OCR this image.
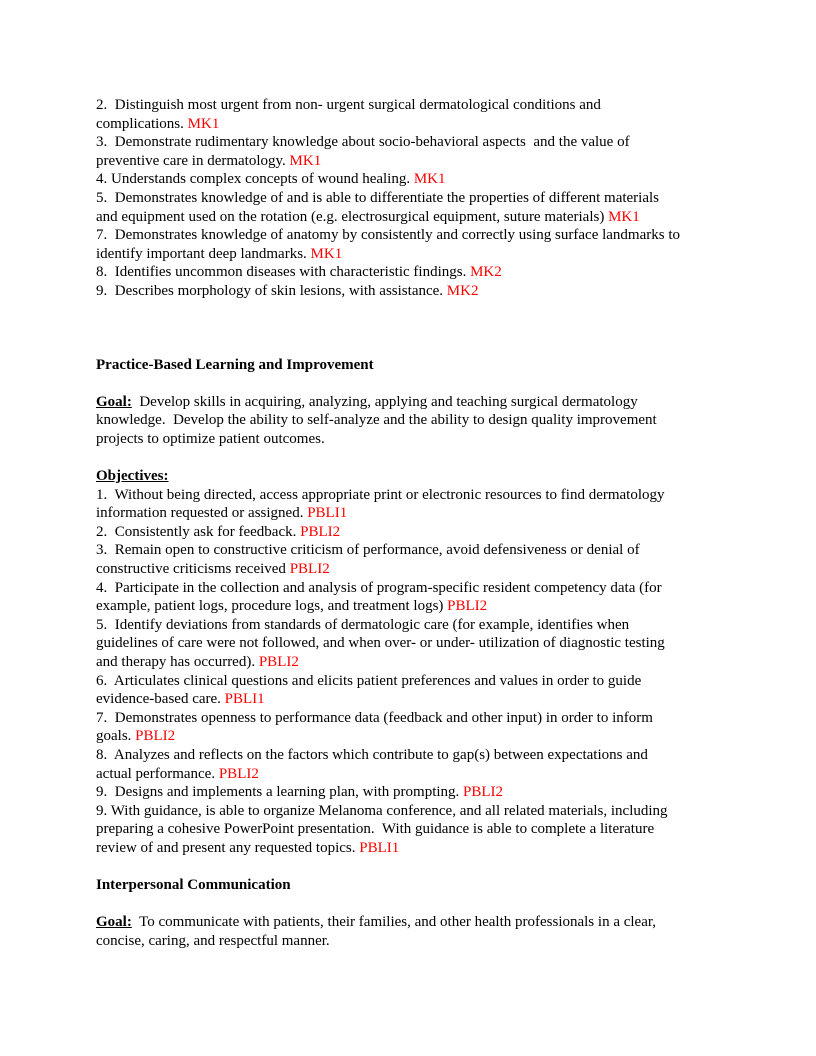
2.  Distinguish most urgent from non- urgent surgical dermatological conditions and
complications. MK1
3.  Demonstrate rudimentary knowledge about socio-behavioral aspects  and the value of
preventive care in dermatology. MK1
4. Understands complex concepts of wound healing. MK1
5.  Demonstrates knowledge of and is able to differentiate the properties of different materials
and equipment used on the rotation (e.g. electrosurgical equipment, suture materials) MK1
7.  Demonstrates knowledge of anatomy by consistently and correctly using surface landmarks to
identify important deep landmarks. MK1
8.  Identifies uncommon diseases with characteristic findings. MK2
9.  Describes morphology of skin lesions, with assistance. MK2
Practice-Based Learning and Improvement
Goal:  Develop skills in acquiring, analyzing, applying and teaching surgical dermatology
knowledge.  Develop the ability to self-analyze and the ability to design quality improvement
projects to optimize patient outcomes.
Objectives:
1.  Without being directed, access appropriate print or electronic resources to find dermatology
information requested or assigned. PBLI1
2.  Consistently ask for feedback. PBLI2
3.  Remain open to constructive criticism of performance, avoid defensiveness or denial of
constructive criticisms received PBLI2
4.  Participate in the collection and analysis of program-specific resident competency data (for
example, patient logs, procedure logs, and treatment logs) PBLI2
5.  Identify deviations from standards of dermatologic care (for example, identifies when
guidelines of care were not followed, and when over- or under- utilization of diagnostic testing
and therapy has occurred). PBLI2
6.  Articulates clinical questions and elicits patient preferences and values in order to guide
evidence-based care. PBLI1
7.  Demonstrates openness to performance data (feedback and other input) in order to inform
goals. PBLI2
8.  Analyzes and reflects on the factors which contribute to gap(s) between expectations and
actual performance. PBLI2
9.  Designs and implements a learning plan, with prompting. PBLI2
9. With guidance, is able to organize Melanoma conference, and all related materials, including
preparing a cohesive PowerPoint presentation.  With guidance is able to complete a literature
review of and present any requested topics. PBLI1
Interpersonal Communication
Goal:  To communicate with patients, their families, and other health professionals in a clear,
concise, caring, and respectful manner.
